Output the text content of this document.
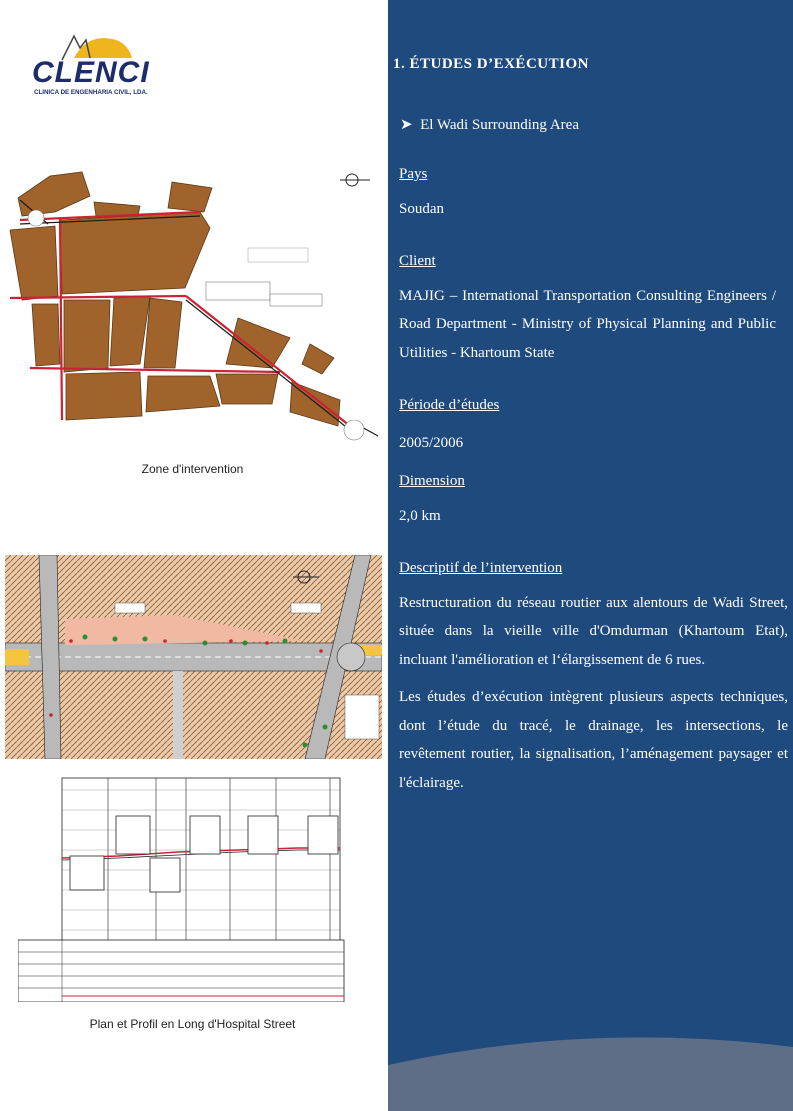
CLENCI
CLINICA DE ENGENHARIA CIVIL, LDA.
Zone d'intervention
Plan et Profil en Long d'Hospital Street
1. ÉTUDES D’EXÉCUTION
➤ El Wadi Surrounding Area
Pays
Soudan
Client

MAJIG – International Transportation Consulting Engineers / Road Department - Ministry of Physical Planning and Public Utilities - Khartoum State

Période d’études
2005/2006
Dimension
2,0 km
Descriptif de l’intervention

Restructuration du réseau routier aux alentours de Wadi Street, située dans la vieille ville d'Omdurman (Khartoum Etat), incluant l'amélioration et l‘élargissement de 6 rues.

Les études d’exécution intègrent plusieurs aspects techniques, dont l’étude du tracé, le drainage, les intersections, le revêtement routier, la signalisation, l’aménagement paysager et l'éclairage.
